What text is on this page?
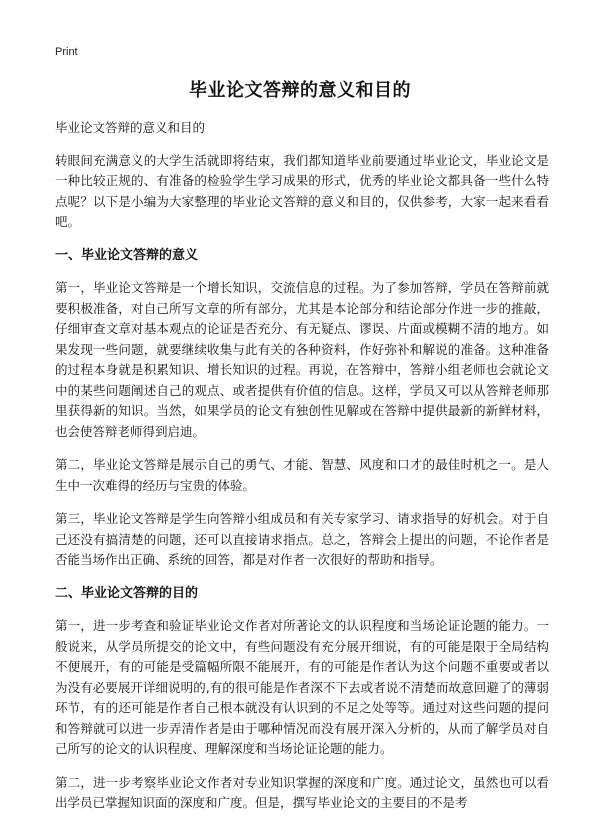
Print
毕业论文答辩的意义和目的

毕业论文答辩的意义和目的

转眼间充满意义的大学生活就即将结束，我们都知道毕业前要通过毕业论文，毕业论文是一种比较正规的、有准备的检验学生学习成果的形式，优秀的毕业论文都具备一些什么特点呢？以下是小编为大家整理的毕业论文答辩的意义和目的，仅供参考，大家一起来看看吧。

一、毕业论文答辩的意义

第一，毕业论文答辩是一个增长知识，交流信息的过程。为了参加答辩，学员在答辩前就要积极准备，对自己所写文章的所有部分，尤其是本论部分和结论部分作进一步的推敲，仔细审查文章对基本观点的论证是否充分、有无疑点、谬误、片面或模糊不清的地方。如果发现一些问题，就要继续收集与此有关的各种资料，作好弥补和解说的准备。这种准备的过程本身就是积累知识、增长知识的过程。再说，在答辩中，答辩小组老师也会就论文中的某些问题阐述自己的观点、或者提供有价值的信息。这样，学员又可以从答辩老师那里获得新的知识。当然，如果学员的论文有独创性见解或在答辩中提供最新的新鲜材料，也会使答辩老师得到启迪。

第二，毕业论文答辩是展示自己的勇气、才能、智慧、风度和口才的最佳时机之一。是人生中一次难得的经历与宝贵的体验。

第三，毕业论文答辩是学生向答辩小组成员和有关专家学习、请求指导的好机会。对于自己还没有搞清楚的问题，还可以直接请求指点。总之，答辩会上提出的问题，不论作者是否能当场作出正确、系统的回答，都是对作者一次很好的帮助和指导。

二、毕业论文答辩的目的

第一，进一步考查和验证毕业论文作者对所著论文的认识程度和当场论证论题的能力。一般说来，从学员所提交的论文中，有些问题没有充分展开细说，有的可能是限于全局结构不便展开，有的可能是受篇幅所限不能展开，有的可能是作者认为这个问题不重要或者以为没有必要展开详细说明的,有的很可能是作者深不下去或者说不清楚而故意回避了的薄弱环节，有的还可能是作者自己根本就没有认识到的不足之处等等。通过对这些问题的提问和答辩就可以进一步弄清作者是由于哪种情况而没有展开深入分析的，从而了解学员对自己所写的论文的认识程度、理解深度和当场论证论题的能力。

第二，进一步考察毕业论文作者对专业知识掌握的深度和广度。通过论文，虽然也可以看出学员已掌握知识面的深度和广度。但是，撰写毕业论文的主要目的不是考
